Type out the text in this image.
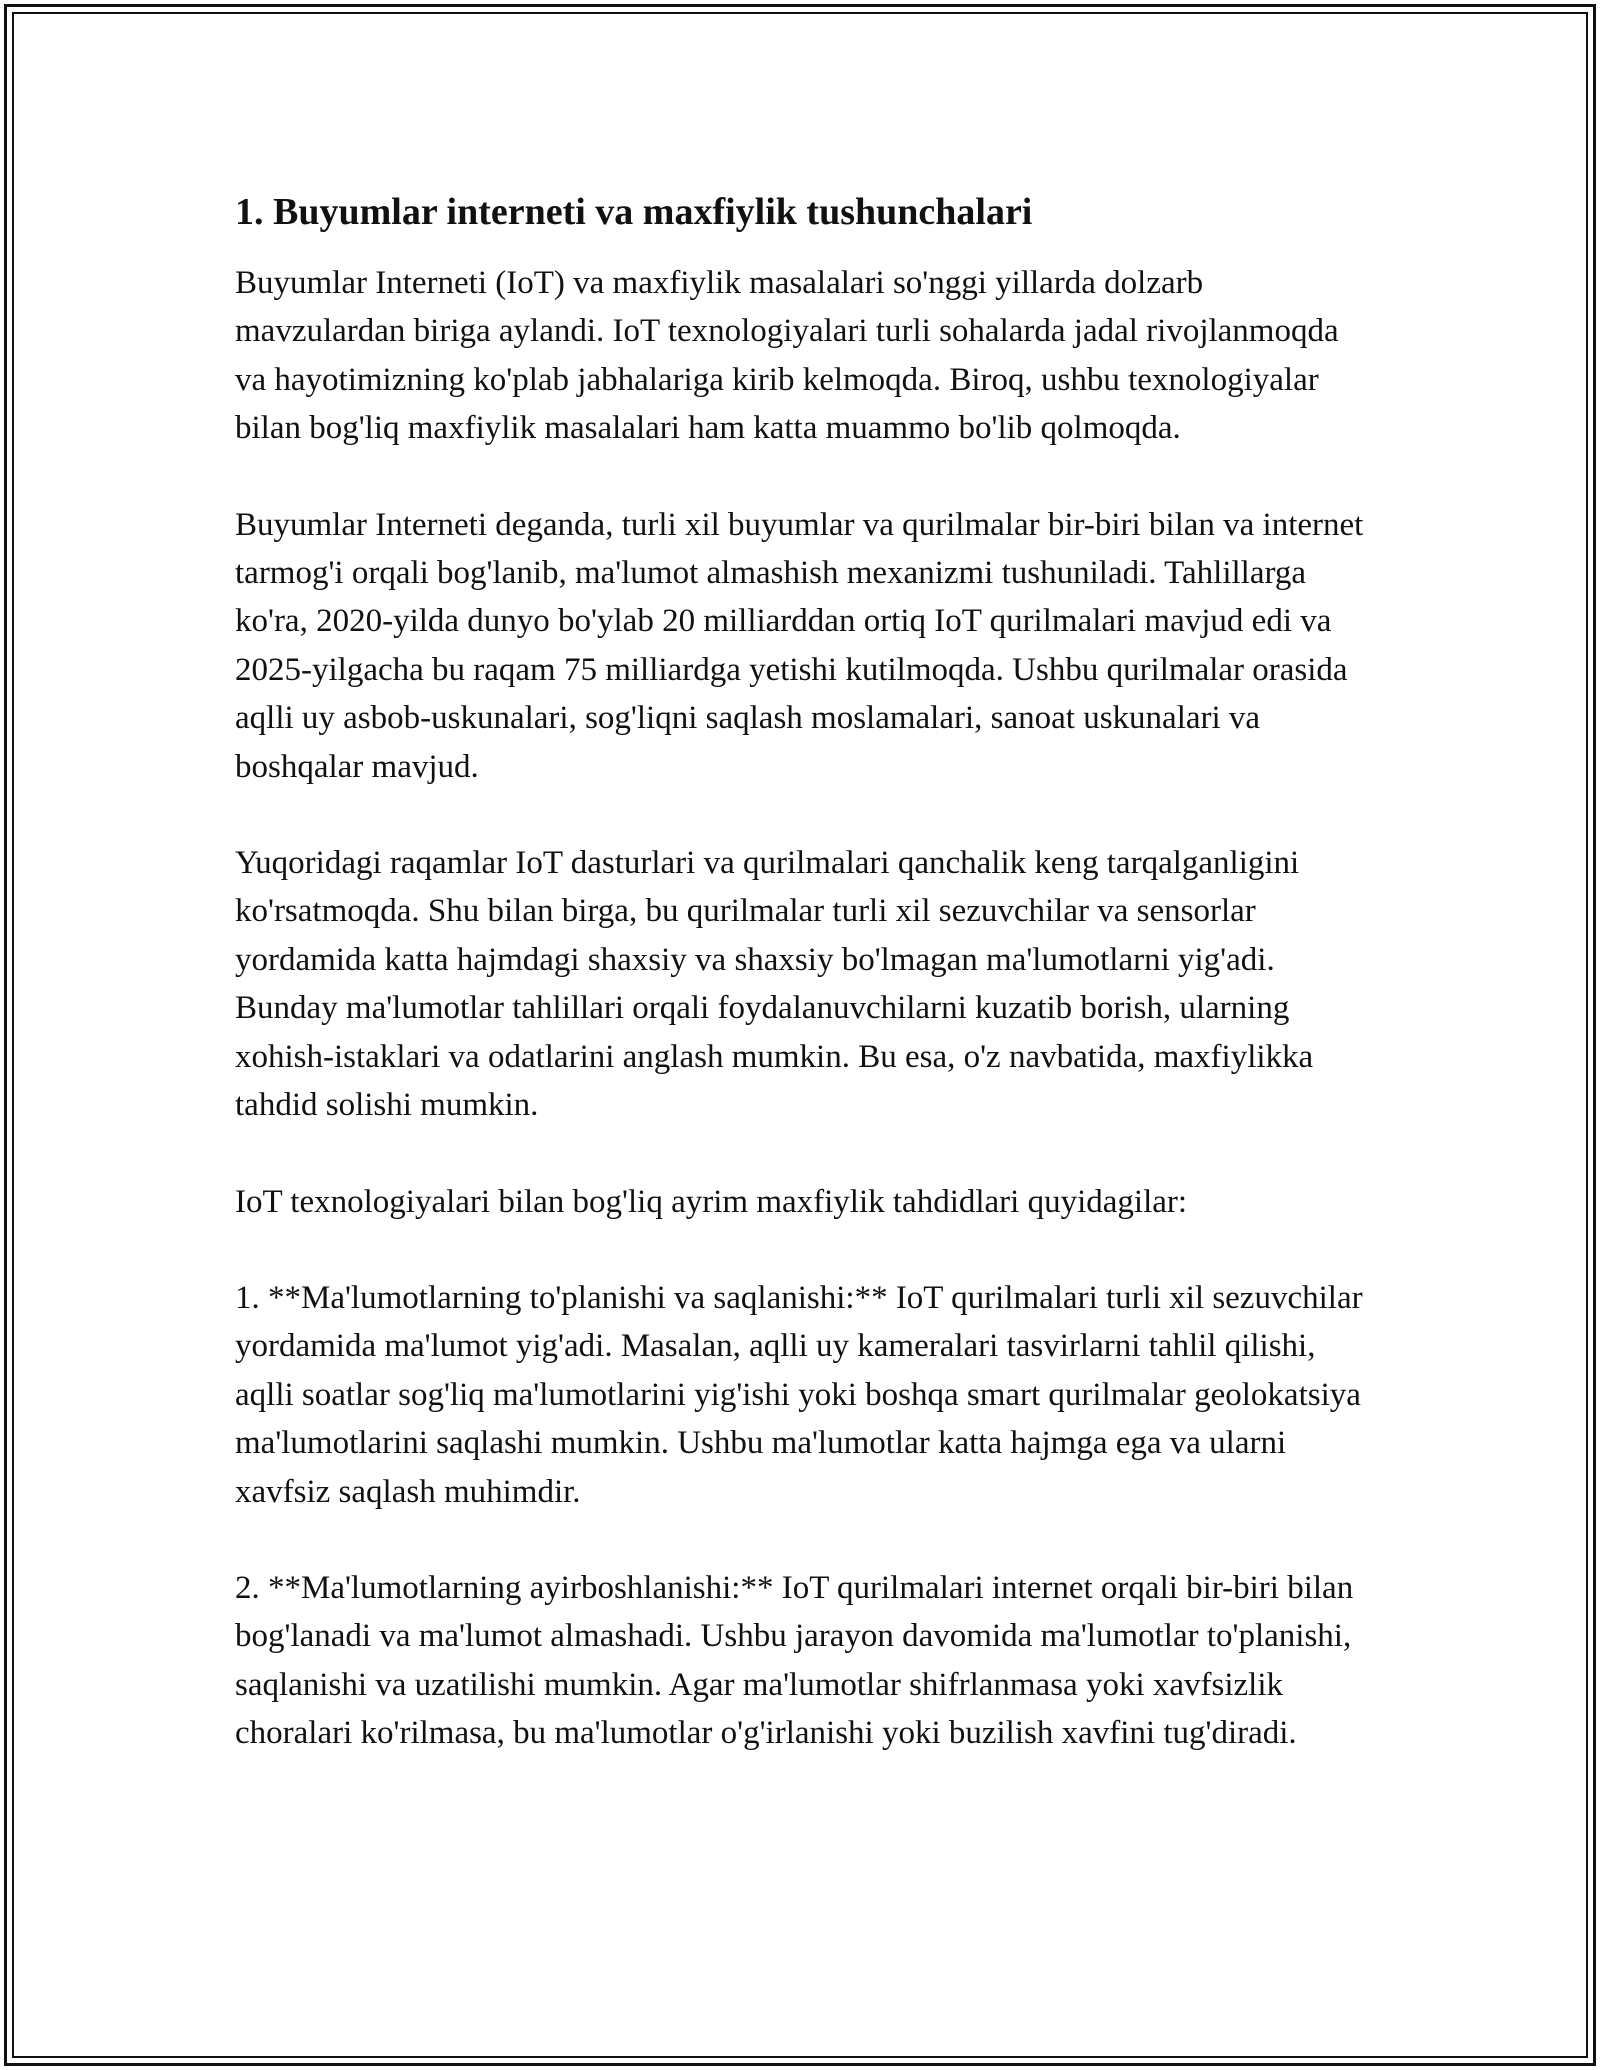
1. Buyumlar interneti va maxfiylik tushunchalari

Buyumlar Interneti (IoT) va maxfiylik masalalari so'nggi yillarda dolzarb mavzulardan biriga aylandi. IoT texnologiyalari turli sohalarda jadal rivojlanmoqda va hayotimizning ko'plab jabhalariga kirib kelmoqda. Biroq, ushbu texnologiyalar bilan bog'liq maxfiylik masalalari ham katta muammo bo'lib qolmoqda.

Buyumlar Interneti deganda, turli xil buyumlar va qurilmalar bir-biri bilan va internet tarmog'i orqali bog'lanib, ma'lumot almashish mexanizmi tushuniladi. Tahlillarga ko'ra, 2020-yilda dunyo bo'ylab 20 milliarddan ortiq IoT qurilmalari mavjud edi va 2025-yilgacha bu raqam 75 milliardga yetishi kutilmoqda. Ushbu qurilmalar orasida aqlli uy asbob-uskunalari, sog'liqni saqlash moslamalari, sanoat uskunalari va boshqalar mavjud.

Yuqoridagi raqamlar IoT dasturlari va qurilmalari qanchalik keng tarqalganligini ko'rsatmoqda. Shu bilan birga, bu qurilmalar turli xil sezuvchilar va sensorlar yordamida katta hajmdagi shaxsiy va shaxsiy bo'lmagan ma'lumotlarni yig'adi. Bunday ma'lumotlar tahlillari orqali foydalanuvchilarni kuzatib borish, ularning xohish-istaklari va odatlarini anglash mumkin. Bu esa, o'z navbatida, maxfiylikka tahdid solishi mumkin.

IoT texnologiyalari bilan bog'liq ayrim maxfiylik tahdidlari quyidagilar:

1. **Ma'lumotlarning to'planishi va saqlanishi:** IoT qurilmalari turli xil sezuvchilar yordamida ma'lumot yig'adi. Masalan, aqlli uy kameralari tasvirlarni tahlil qilishi, aqlli soatlar sog'liq ma'lumotlarini yig'ishi yoki boshqa smart qurilmalar geolokatsiya ma'lumotlarini saqlashi mumkin. Ushbu ma'lumotlar katta hajmga ega va ularni xavfsiz saqlash muhimdir.

2. **Ma'lumotlarning ayirboshlanishi:** IoT qurilmalari internet orqali bir-biri bilan bog'lanadi va ma'lumot almashadi. Ushbu jarayon davomida ma'lumotlar to'planishi, saqlanishi va uzatilishi mumkin. Agar ma'lumotlar shifrlanmasa yoki xavfsizlik choralari ko'rilmasa, bu ma'lumotlar o'g'irlanishi yoki buzilish xavfini tug'diradi.
